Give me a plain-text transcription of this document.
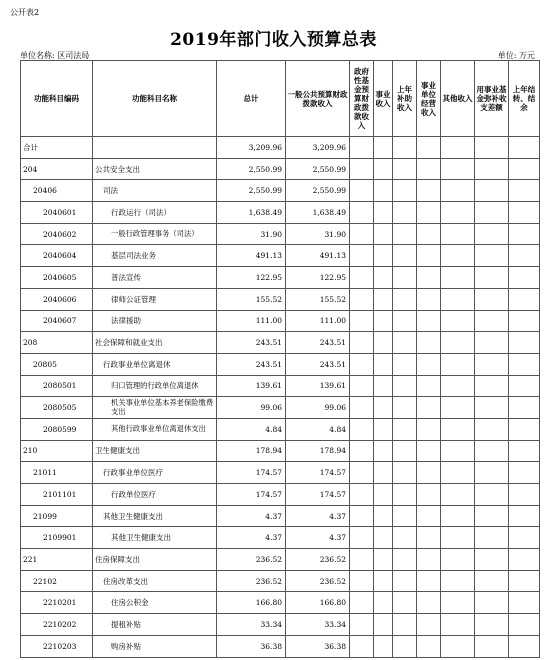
公开表2
2019年部门收入预算总表
单位名称: 区司法局	单位: 万元
功能科目编码	功能科目名称	总计	一般公共预算财政拨款收入	政府性基金预算财政拨款收入	事业收入	上年补助收入	事业单位经营收入	其他收入	用事业基金弥补收支差额	上年结转、结余
合计		3,209.96	3,209.96							
204	公共安全支出	2,550.99	2,550.99							
20406	司法	2,550.99	2,550.99							
2040601	行政运行（司法）	1,638.49	1,638.49							
2040602	一般行政管理事务（司法）	31.90	31.90							
2040604	基层司法业务	491.13	491.13							
2040605	普法宣传	122.95	122.95							
2040606	律师公证管理	155.52	155.52							
2040607	法律援助	111.00	111.00							
208	社会保障和就业支出	243.51	243.51							
20805	行政事业单位离退休	243.51	243.51							
2080501	归口管理的行政单位离退休	139.61	139.61							
2080505	机关事业单位基本养老保险缴费支出	99.06	99.06							
2080599	其他行政事业单位离退休支出	4.84	4.84							
210	卫生健康支出	178.94	178.94							
21011	行政事业单位医疗	174.57	174.57							
2101101	行政单位医疗	174.57	174.57							
21099	其他卫生健康支出	4.37	4.37							
2109901	其他卫生健康支出	4.37	4.37							
221	住房保障支出	236.52	236.52							
22102	住房改革支出	236.52	236.52							
2210201	住房公积金	166.80	166.80							
2210202	提租补贴	33.34	33.34							
2210203	购房补贴	36.38	36.38							
